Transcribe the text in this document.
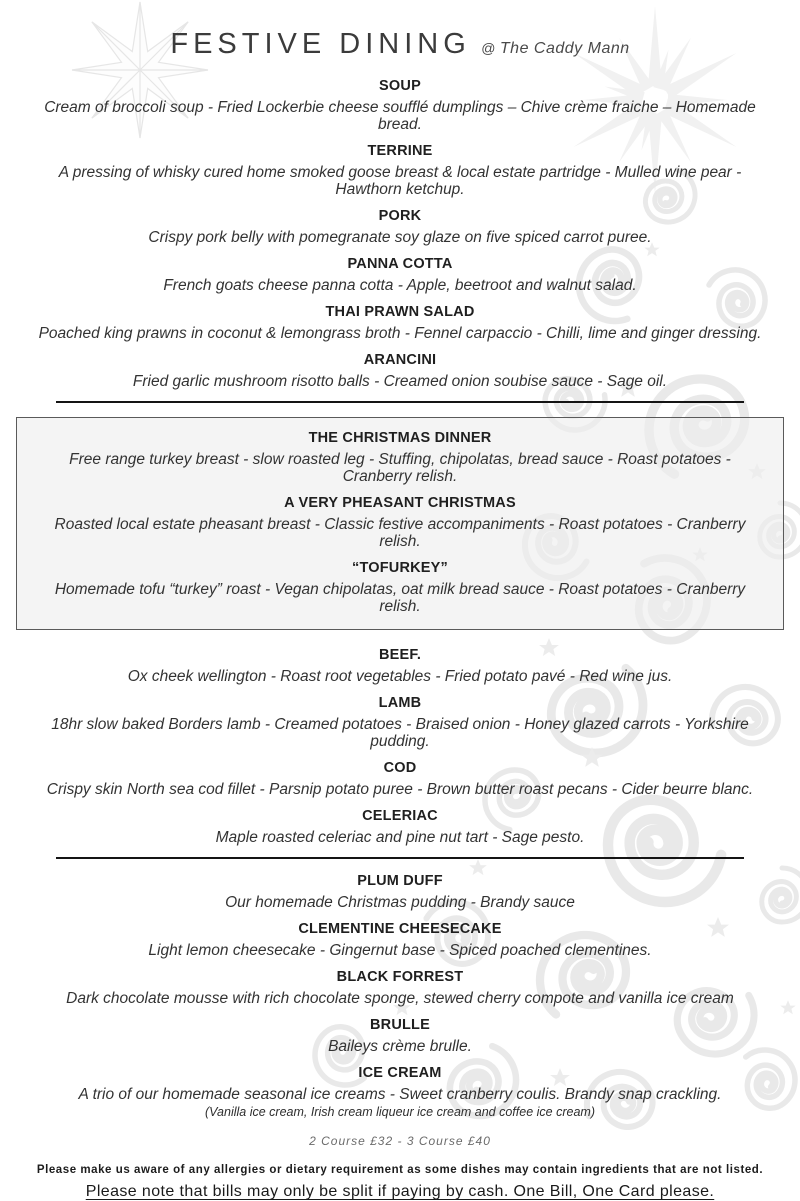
FESTIVE DINING @ The Caddy Mann
SOUP

Cream of broccoli soup - Fried Lockerbie cheese soufflé dumplings – Chive crème fraiche – Homemade bread.

TERRINE

A pressing of whisky cured home smoked goose breast & local estate partridge - Mulled wine pear - Hawthorn ketchup.

PORK

Crispy pork belly with pomegranate soy glaze on five spiced carrot puree.

PANNA COTTA

French goats cheese panna cotta - Apple, beetroot and walnut salad.

THAI PRAWN SALAD

Poached king prawns in coconut & lemongrass broth - Fennel carpaccio - Chilli, lime and ginger dressing.

ARANCINI

Fried garlic mushroom risotto balls - Creamed onion soubise sauce - Sage oil.

THE CHRISTMAS DINNER

Free range turkey breast - slow roasted leg - Stuffing, chipolatas, bread sauce - Roast potatoes - Cranberry relish.

A VERY PHEASANT CHRISTMAS

Roasted local estate pheasant breast - Classic festive accompaniments - Roast potatoes - Cranberry relish.

“TOFURKEY”

Homemade tofu “turkey” roast - Vegan chipolatas, oat milk bread sauce - Roast potatoes - Cranberry relish.

BEEF.

Ox cheek wellington - Roast root vegetables - Fried potato pavé - Red wine jus.

LAMB

18hr slow baked Borders lamb - Creamed potatoes - Braised onion - Honey glazed carrots - Yorkshire pudding.

COD

Crispy skin North sea cod fillet - Parsnip potato puree - Brown butter roast pecans - Cider beurre blanc.

CELERIAC

Maple roasted celeriac and pine nut tart - Sage pesto.

PLUM DUFF

Our homemade Christmas pudding - Brandy sauce

CLEMENTINE CHEESECAKE

Light lemon cheesecake - Gingernut base - Spiced poached clementines.

BLACK FORREST

Dark chocolate mousse with rich chocolate sponge, stewed cherry compote and vanilla ice cream

BRULLE

Baileys crème brulle.

ICE CREAM

A trio of our homemade seasonal ice creams - Sweet cranberry coulis. Brandy snap crackling.

(Vanilla ice cream, Irish cream liqueur ice cream and coffee ice cream)

2 Course £32 - 3 Course £40

Please make us aware of any allergies or dietary requirement as some dishes may contain ingredients that are not listed.

Please note that bills may only be split if paying by cash. One Bill, One Card please.
